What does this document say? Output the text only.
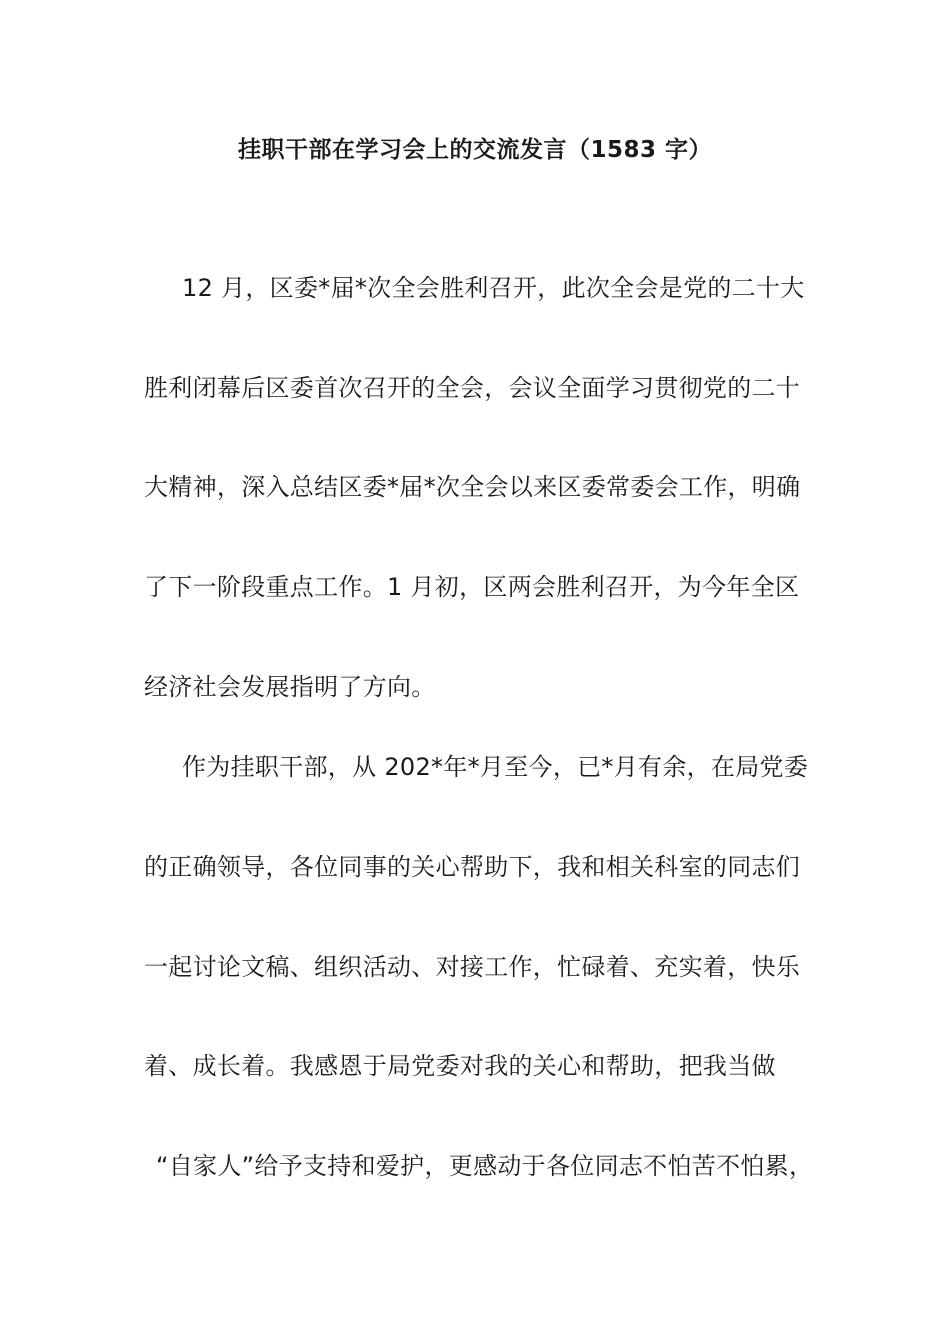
挂职干部在学习会上的交流发言（1583 字）
12 月，区委*届*次全会胜利召开，此次全会是党的二十大
胜利闭幕后区委首次召开的全会，会议全面学习贯彻党的二十
大精神，深入总结区委*届*次全会以来区委常委会工作，明确
了下一阶段重点工作。1 月初，区两会胜利召开，为今年全区
经济社会发展指明了方向。
作为挂职干部，从 202*年*月至今，已*月有余，在局党委
的正确领导，各位同事的关心帮助下，我和相关科室的同志们
一起讨论文稿、组织活动、对接工作，忙碌着、充实着，快乐
着、成长着。我感恩于局党委对我的关心和帮助，把我当做
“自家人”给予支持和爱护，更感动于各位同志不怕苦不怕累，
